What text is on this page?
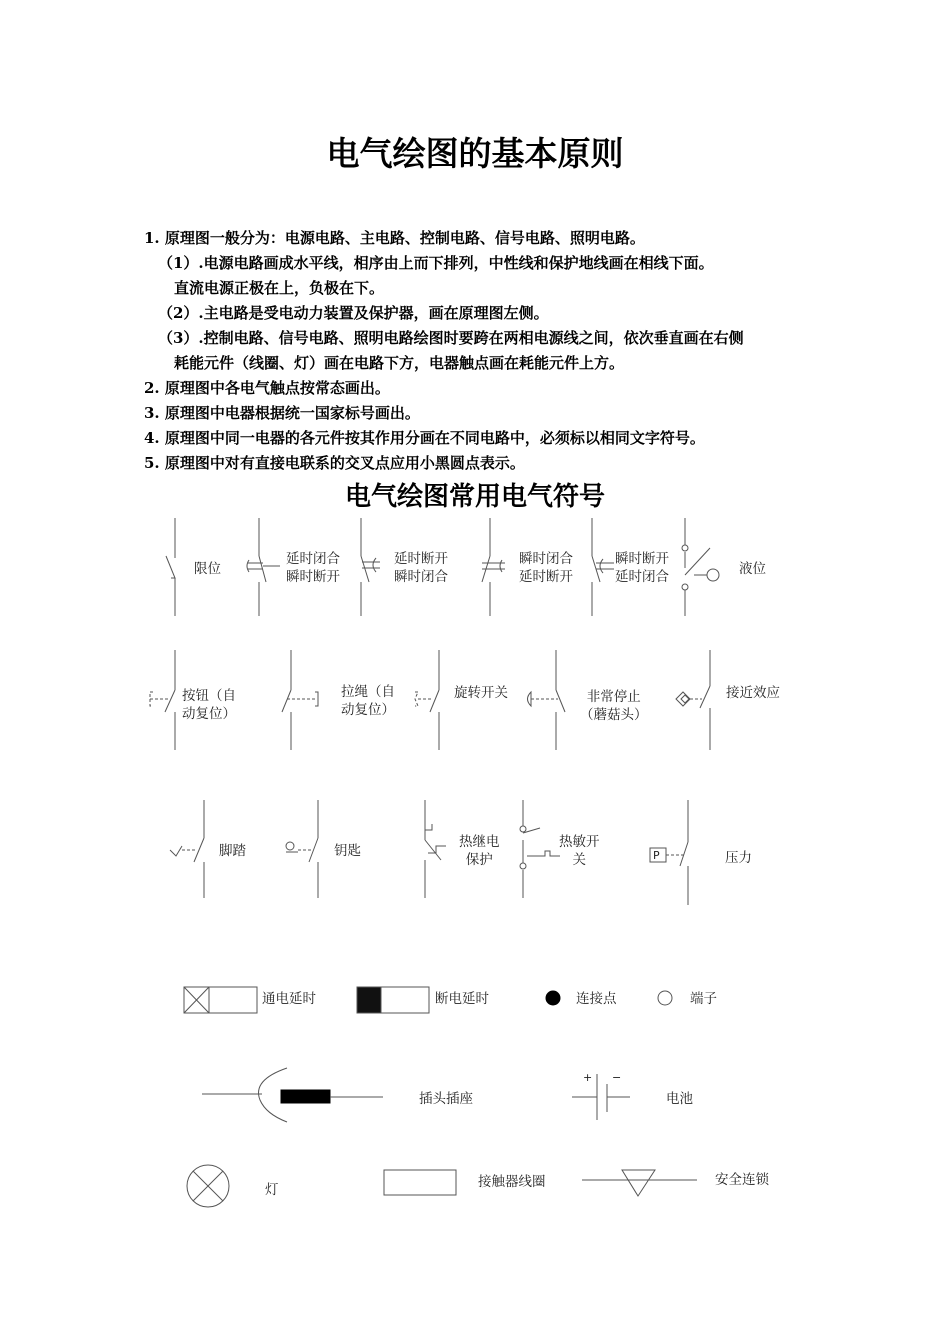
电气绘图的基本原则
1. 原理图一般分为：电源电路、主电路、控制电路、信号电路、照明电路。
（1）.电源电路画成水平线，相序由上而下排列，中性线和保护地线画在相线下面。
直流电源正极在上，负极在下。
（2）.主电路是受电动力装置及保护器，画在原理图左侧。
（3）.控制电路、信号电路、照明电路绘图时要跨在两相电源线之间，依次垂直画在右侧
耗能元件（线圈、灯）画在电路下方，电器触点画在耗能元件上方。
2. 原理图中各电气触点按常态画出。
3. 原理图中电器根据统一国家标号画出。
4. 原理图中同一电器的各元件按其作用分画在不同电路中，必须标以相同文字符号。
5. 原理图中对有直接电联系的交叉点应用小黑圆点表示。
电气绘图常用电气符号
限位
延时闭合
瞬时断开
延时断开
瞬时闭合
瞬时闭合
延时断开
瞬时断开
延时闭合	液位
按钮（自
动复位）
拉绳（自
动复位）
旋转开关	非常停止
（蘑菇头）
接近效应
脚踏	钥匙
热继电
保护
热敏开
关	P	压力
通电延时	断电延时	连接点	端子
插头插座
+ −
电池
灯	接触器线圈	安全连锁
